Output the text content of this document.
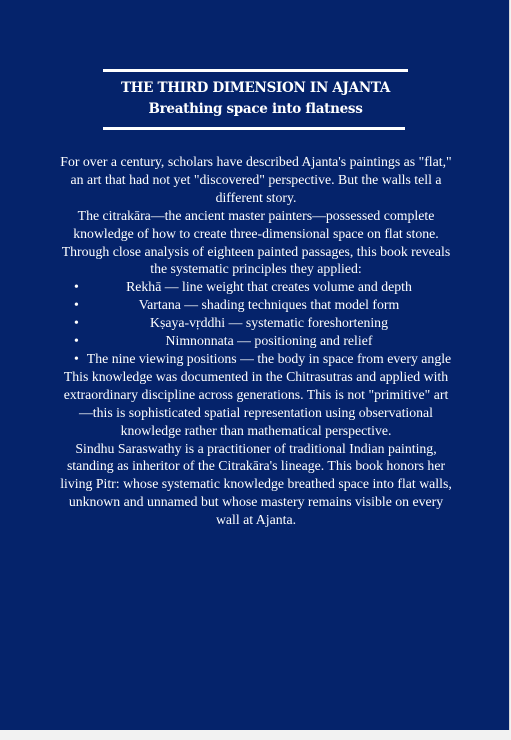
THE THIRD DIMENSION IN AJANTA
Breathing space into flatness

For over a century, scholars have described Ajanta's paintings as "flat," an art that had not yet "discovered" perspective. But the walls tell a different story.

The citrakāra—the ancient master painters—possessed complete knowledge of how to create three-dimensional space on flat stone. Through close analysis of eighteen painted passages, this book reveals the systematic principles they applied:

•	Rekhā — line weight that creates volume and depth
•	Vartana — shading techniques that model form
•	Kṣaya-vṛddhi — systematic foreshortening
•	Nimnonnata — positioning and relief
• The nine viewing positions — the body in space from every angle

This knowledge was documented in the Chitrasutras and applied with extraordinary discipline across generations. This is not "primitive" art—this is sophisticated spatial representation using observational knowledge rather than mathematical perspective.

Sindhu Saraswathy is a practitioner of traditional Indian painting, standing as inheritor of the Citrakāra's lineage. This book honors her living Pitr: whose systematic knowledge breathed space into flat walls, unknown and unnamed but whose mastery remains visible on every wall at Ajanta.
